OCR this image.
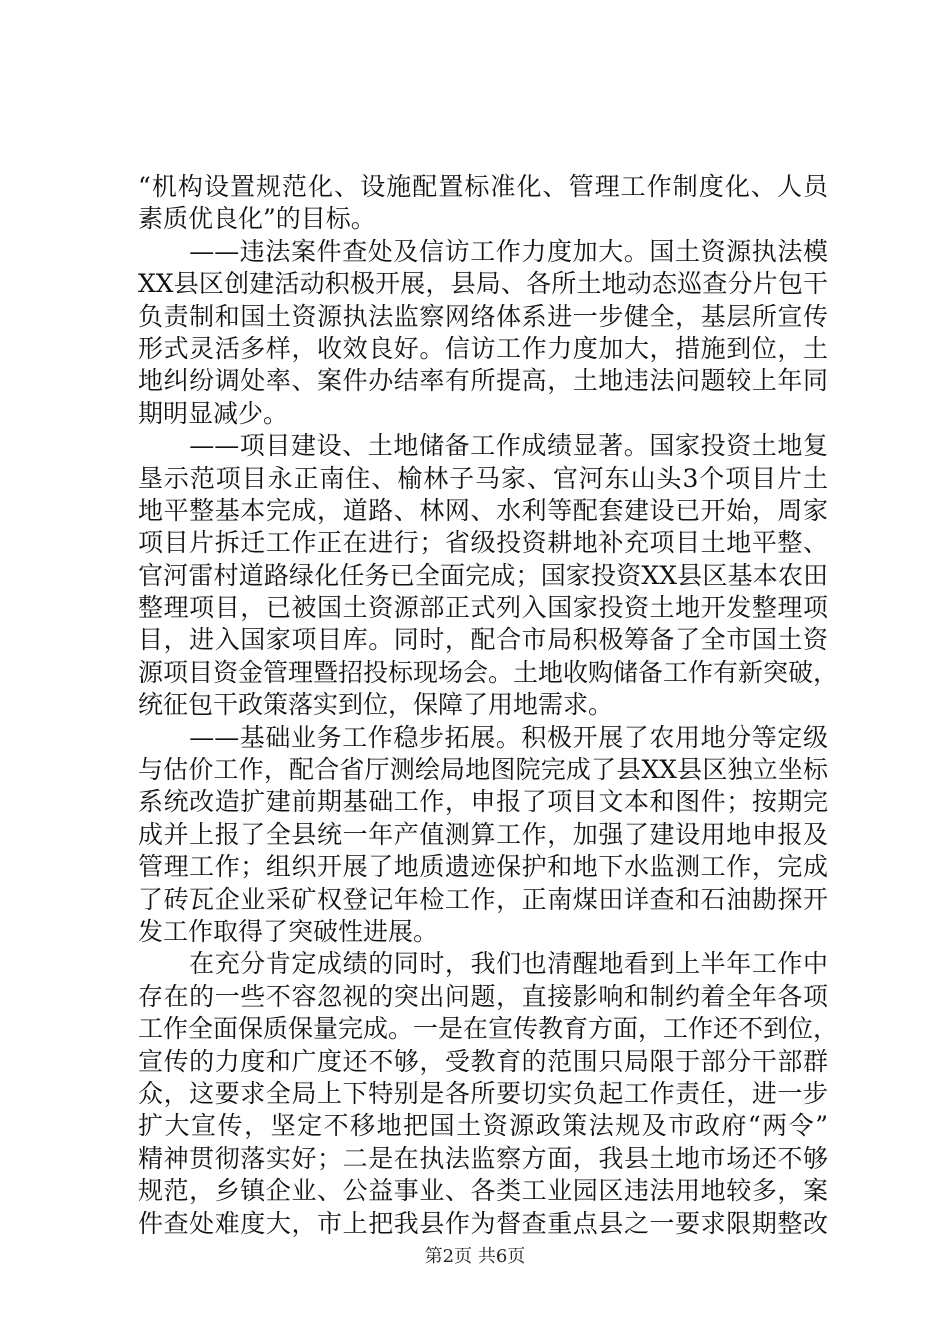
“机构设置规范化、设施配置标准化、管理工作制度化、人员
素质优良化”的目标。
　　——违法案件查处及信访工作力度加大。国土资源执法模
XX县区创建活动积极开展，县局、各所土地动态巡查分片包干
负责制和国土资源执法监察网络体系进一步健全，基层所宣传
形式灵活多样，收效良好。信访工作力度加大，措施到位，土
地纠纷调处率、案件办结率有所提高，土地违法问题较上年同
期明显减少。
　　——项目建设、土地储备工作成绩显著。国家投资土地复
垦示范项目永正南住、榆林子马家、官河东山头3个项目片土
地平整基本完成，道路、林网、水利等配套建设已开始，周家
项目片拆迁工作正在进行；省级投资耕地补充项目土地平整、
官河雷村道路绿化任务已全面完成；国家投资XX县区基本农田
整理项目，已被国土资源部正式列入国家投资土地开发整理项
目，进入国家项目库。同时，配合市局积极筹备了全市国土资
源项目资金管理暨招投标现场会。土地收购储备工作有新突破，
统征包干政策落实到位，保障了用地需求。
　　——基础业务工作稳步拓展。积极开展了农用地分等定级
与估价工作，配合省厅测绘局地图院完成了县XX县区独立坐标
系统改造扩建前期基础工作，申报了项目文本和图件；按期完
成并上报了全县统一年产值测算工作，加强了建设用地申报及
管理工作；组织开展了地质遗迹保护和地下水监测工作，完成
了砖瓦企业采矿权登记年检工作，正南煤田详查和石油勘探开
发工作取得了突破性进展。
　　在充分肯定成绩的同时，我们也清醒地看到上半年工作中
存在的一些不容忽视的突出问题，直接影响和制约着全年各项
工作全面保质保量完成。一是在宣传教育方面，工作还不到位，
宣传的力度和广度还不够，受教育的范围只局限于部分干部群
众，这要求全局上下特别是各所要切实负起工作责任，进一步
扩大宣传，坚定不移地把国土资源政策法规及市政府“两令”
精神贯彻落实好；二是在执法监察方面，我县土地市场还不够
规范，乡镇企业、公益事业、各类工业园区违法用地较多，案
件查处难度大，市上把我县作为督查重点县之一要求限期整改
第2页 共6页
